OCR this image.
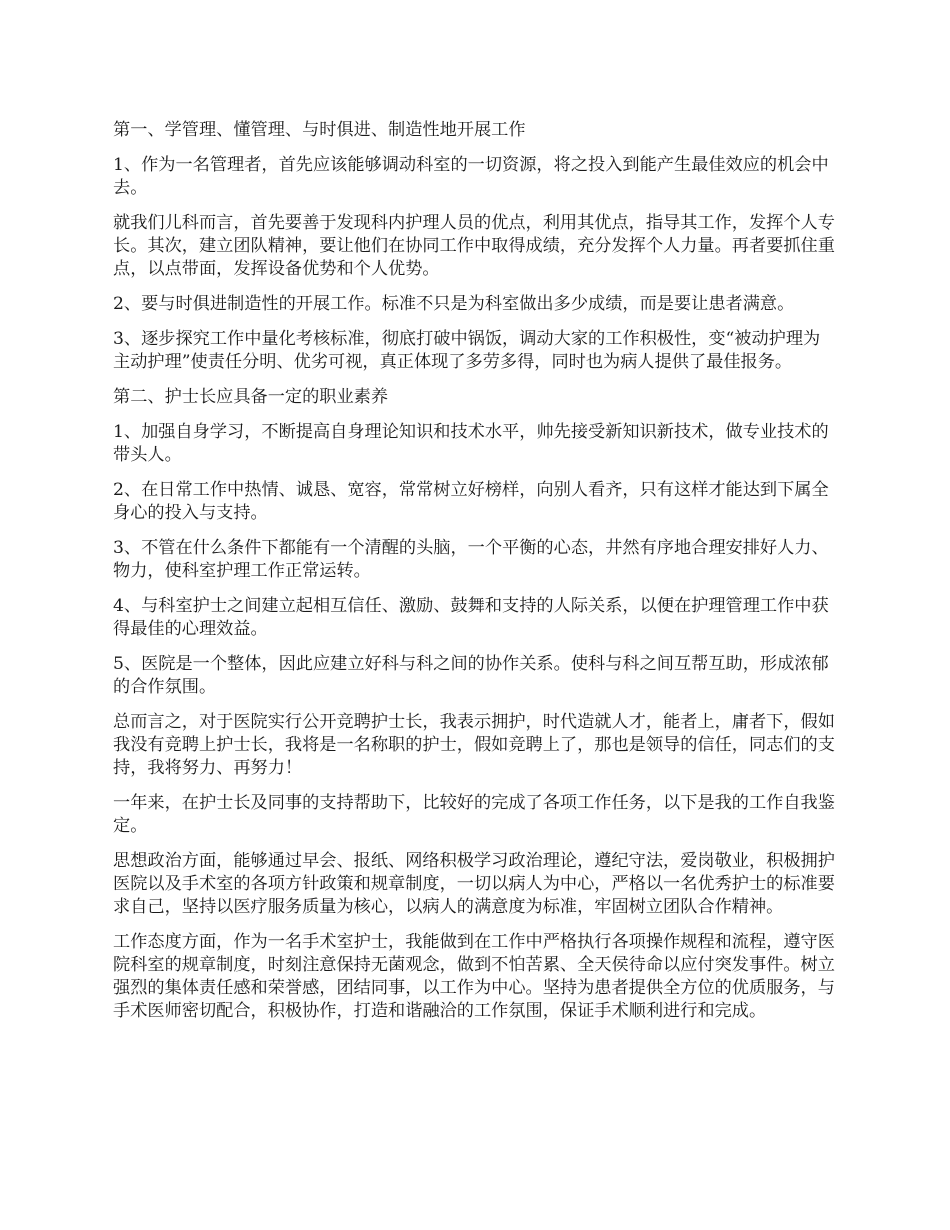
第一、学管理、懂管理、与时俱进、制造性地开展工作

1、作为一名管理者，首先应该能够调动科室的一切资源，将之投入到能产生最佳效应的机会中去。

就我们儿科而言，首先要善于发现科内护理人员的优点，利用其优点，指导其工作，发挥个人专长。其次，建立团队精神，要让他们在协同工作中取得成绩，充分发挥个人力量。再者要抓住重点，以点带面，发挥设备优势和个人优势。

2、要与时俱进制造性的开展工作。标准不只是为科室做出多少成绩，而是要让患者满意。

3、逐步探究工作中量化考核标准，彻底打破中锅饭，调动大家的工作积极性，变“被动护理为主动护理”使责任分明、优劣可视，真正体现了多劳多得，同时也为病人提供了最佳报务。

第二、护士长应具备一定的职业素养

1、加强自身学习，不断提高自身理论知识和技术水平，帅先接受新知识新技术，做专业技术的带头人。

2、在日常工作中热情、诚恳、宽容，常常树立好榜样，向别人看齐，只有这样才能达到下属全身心的投入与支持。

3、不管在什么条件下都能有一个清醒的头脑，一个平衡的心态，井然有序地合理安排好人力、物力，使科室护理工作正常运转。

4、与科室护士之间建立起相互信任、激励、鼓舞和支持的人际关系，以便在护理管理工作中获得最佳的心理效益。

5、医院是一个整体，因此应建立好科与科之间的协作关系。使科与科之间互帮互助，形成浓郁的合作氛围。

总而言之，对于医院实行公开竞聘护士长，我表示拥护，时代造就人才，能者上，庸者下，假如我没有竞聘上护士长，我将是一名称职的护士，假如竞聘上了，那也是领导的信任，同志们的支持，我将努力、再努力！

一年来，在护士长及同事的支持帮助下，比较好的完成了各项工作任务，以下是我的工作自我鉴定。

思想政治方面，能够通过早会、报纸、网络积极学习政治理论，遵纪守法，爱岗敬业，积极拥护医院以及手术室的各项方针政策和规章制度，一切以病人为中心，严格以一名优秀护士的标准要求自己，坚持以医疗服务质量为核心，以病人的满意度为标准，牢固树立团队合作精神。

工作态度方面，作为一名手术室护士，我能做到在工作中严格执行各项操作规程和流程，遵守医院科室的规章制度，时刻注意保持无菌观念，做到不怕苦累、全天侯待命以应付突发事件。树立强烈的集体责任感和荣誉感，团结同事，以工作为中心。坚持为患者提供全方位的优质服务，与手术医师密切配合，积极协作，打造和谐融洽的工作氛围，保证手术顺利进行和完成。
